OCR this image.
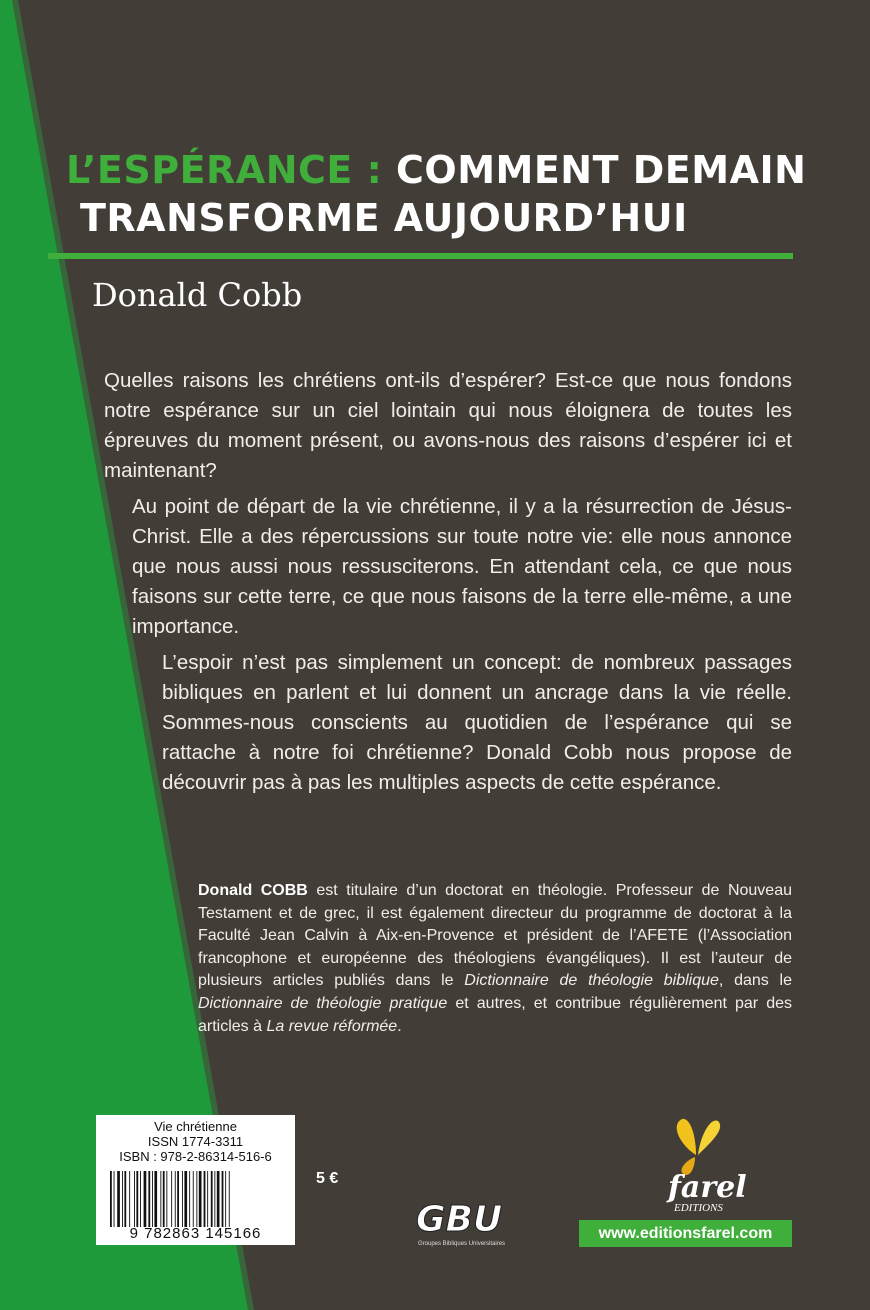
L’ESPÉRANCE : COMMENT DEMAIN
TRANSFORME AUJOURD’HUI
Donald Cobb

Quelles raisons les chrétiens ont-ils d’espérer? Est-ce que nous fondons notre espérance sur un ciel lointain qui nous éloignera de toutes les épreuves du moment présent, ou avons-nous des raisons d’espérer ici et maintenant?

Au point de départ de la vie chrétienne, il y a la résurrection de Jésus-Christ. Elle a des répercussions sur toute notre vie: elle nous annonce que nous aussi nous ressusciterons. En attendant cela, ce que nous faisons sur cette terre, ce que nous faisons de la terre elle-même, a une importance.

L’espoir n’est pas simplement un concept: de nombreux passages bibliques en parlent et lui donnent un ancrage dans la vie réelle. Sommes-nous conscients au quotidien de l’espérance qui se rattache à notre foi chrétienne? Donald Cobb nous propose de découvrir pas à pas les multiples aspects de cette espérance.

Donald COBB est titulaire d’un doctorat en théologie. Professeur de Nouveau Testament et de grec, il est également directeur du programme de doctorat à la Faculté Jean Calvin à Aix-en-Provence et président de l’AFETE (l’Association francophone et européenne des théologiens évangéliques). Il est l’auteur de plusieurs articles publiés dans le Dictionnaire de théologie biblique, dans le Dictionnaire de théologie pratique et autres, et contribue régulièrement par des articles à La revue réformée.

Vie chrétienne
ISSN 1774-3311
ISBN : 978-2-86314-516-6
9 782863 145166
5 €
GBU
Groupes Bibliques Universitaires
farel
EDITIONS
www.editionsfarel.com
